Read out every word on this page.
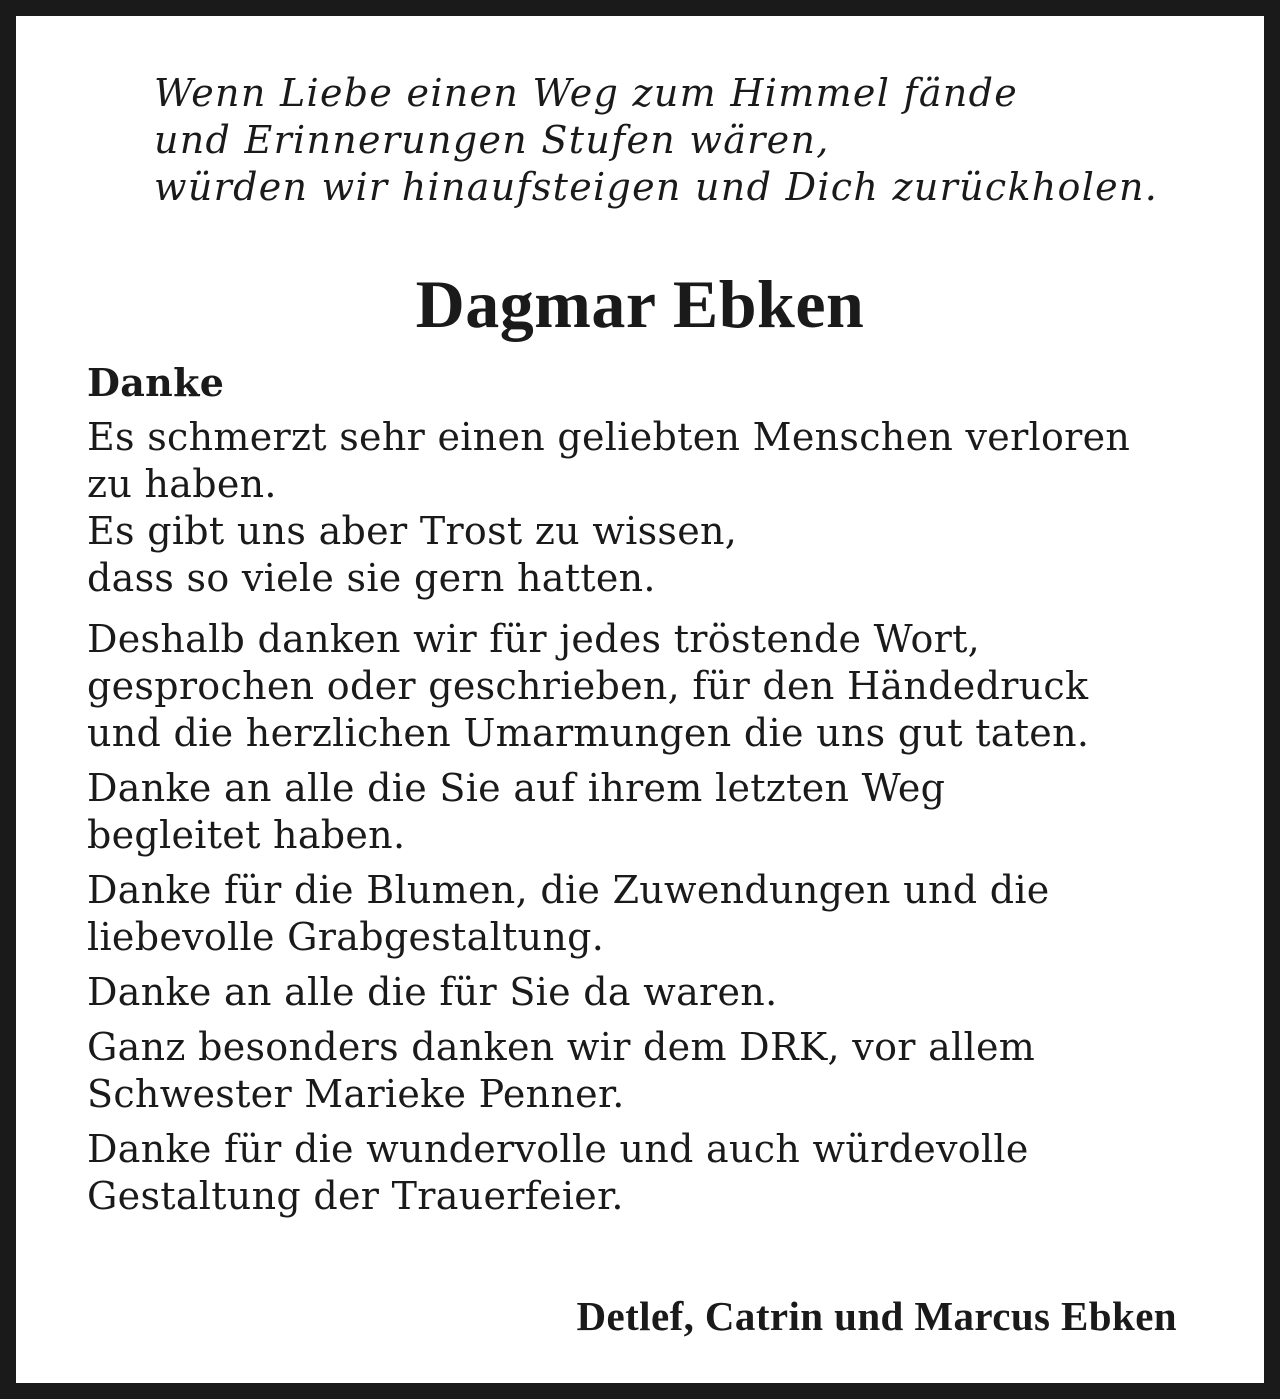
Wenn Liebe einen Weg zum Himmel fände
und Erinnerungen Stufen wären,
würden wir hinaufsteigen und Dich zurückholen.
Dagmar Ebken
Danke
Es schmerzt sehr einen geliebten Menschen verloren
zu haben.
Es gibt uns aber Trost zu wissen,
dass so viele sie gern hatten.
Deshalb danken wir für jedes tröstende Wort,
gesprochen oder geschrieben, für den Händedruck
und die herzlichen Umarmungen die uns gut taten.
Danke an alle die Sie auf ihrem letzten Weg
begleitet haben.
Danke für die Blumen, die Zuwendungen und die
liebevolle Grabgestaltung.
Danke an alle die für Sie da waren.
Ganz besonders danken wir dem DRK, vor allem
Schwester Marieke Penner.
Danke für die wundervolle und auch würdevolle
Gestaltung der Trauerfeier.
Detlef, Catrin und Marcus Ebken
